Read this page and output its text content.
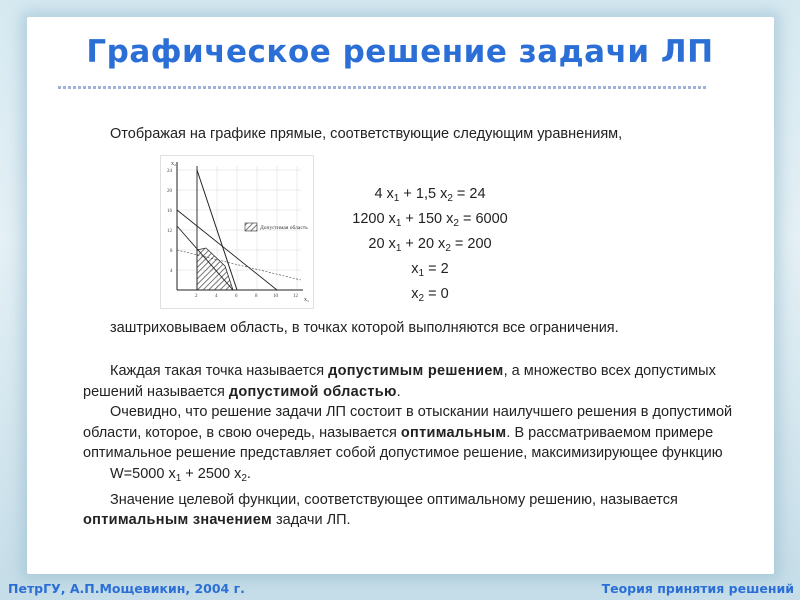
Графическое решение задачи ЛП
Отображая на графике прямые, соответствующие следующим уравнениям,
Допустимая область
x₂
x₁
2	4	6	8	10	12
4
8
12
16
20
24
4 $x_1 + 1,5$ $x_2 = 24$
1200 $x_1 + 150$ $x_2 = 6000$
20 $x_1 + 20$ $x_2 = 200$
$x_1 = 2$
$x_2 = 0$
заштриховываем область, в точках которой выполняются все ограничения.

Каждая такая точка называется допустимым решением, а множество всех допустимых решений называется допустимой областью.

Очевидно, что решение задачи ЛП состоит в отыскании наилучшего решения в допустимой области, которое, в свою очередь, называется оптимальным. В рассматриваемом примере оптимальное решение представляет собой допустимое решение, максимизирующее функцию

W=5000 $x_1 + 2500$ $x_2$.

Значение целевой функции, соответствующее оптимальному решению, называется оптимальным значением задачи ЛП.

ПетрГУ, А.П.Мощевикин, 2004 г.	Теория принятия решений
